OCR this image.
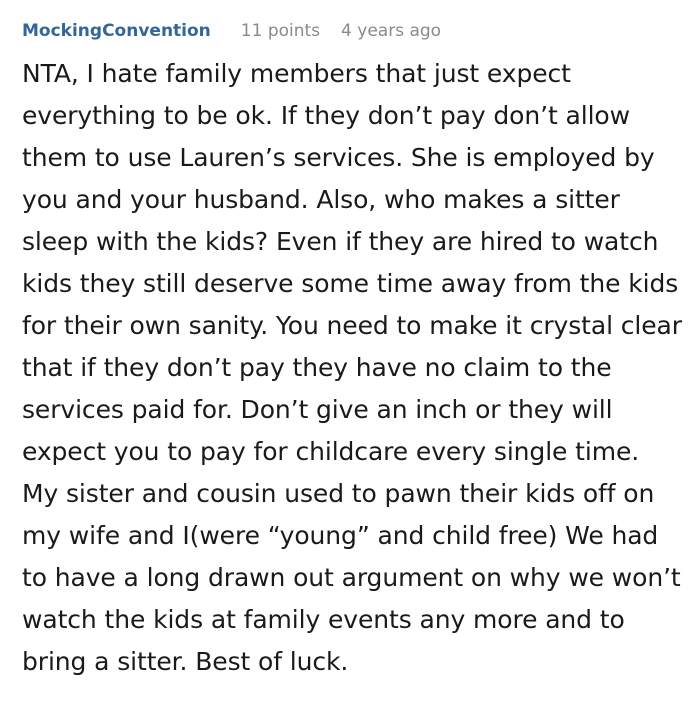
MockingConvention 11 points 4 years ago

NTA, I hate family members that just expect everything to be ok. If they don’t pay don’t allow them to use Lauren’s services. She is employed by you and your husband. Also, who makes a sitter sleep with the kids? Even if they are hired to watch kids they still deserve some time away from the kids for their own sanity. You need to make it crystal clear that if they don’t pay they have no claim to the services paid for. Don’t give an inch or they will expect you to pay for childcare every single time. My sister and cousin used to pawn their kids off on my wife and I(were “young” and child free) We had to have a long drawn out argument on why we won’t watch the kids at family events any more and to bring a sitter. Best of luck.
